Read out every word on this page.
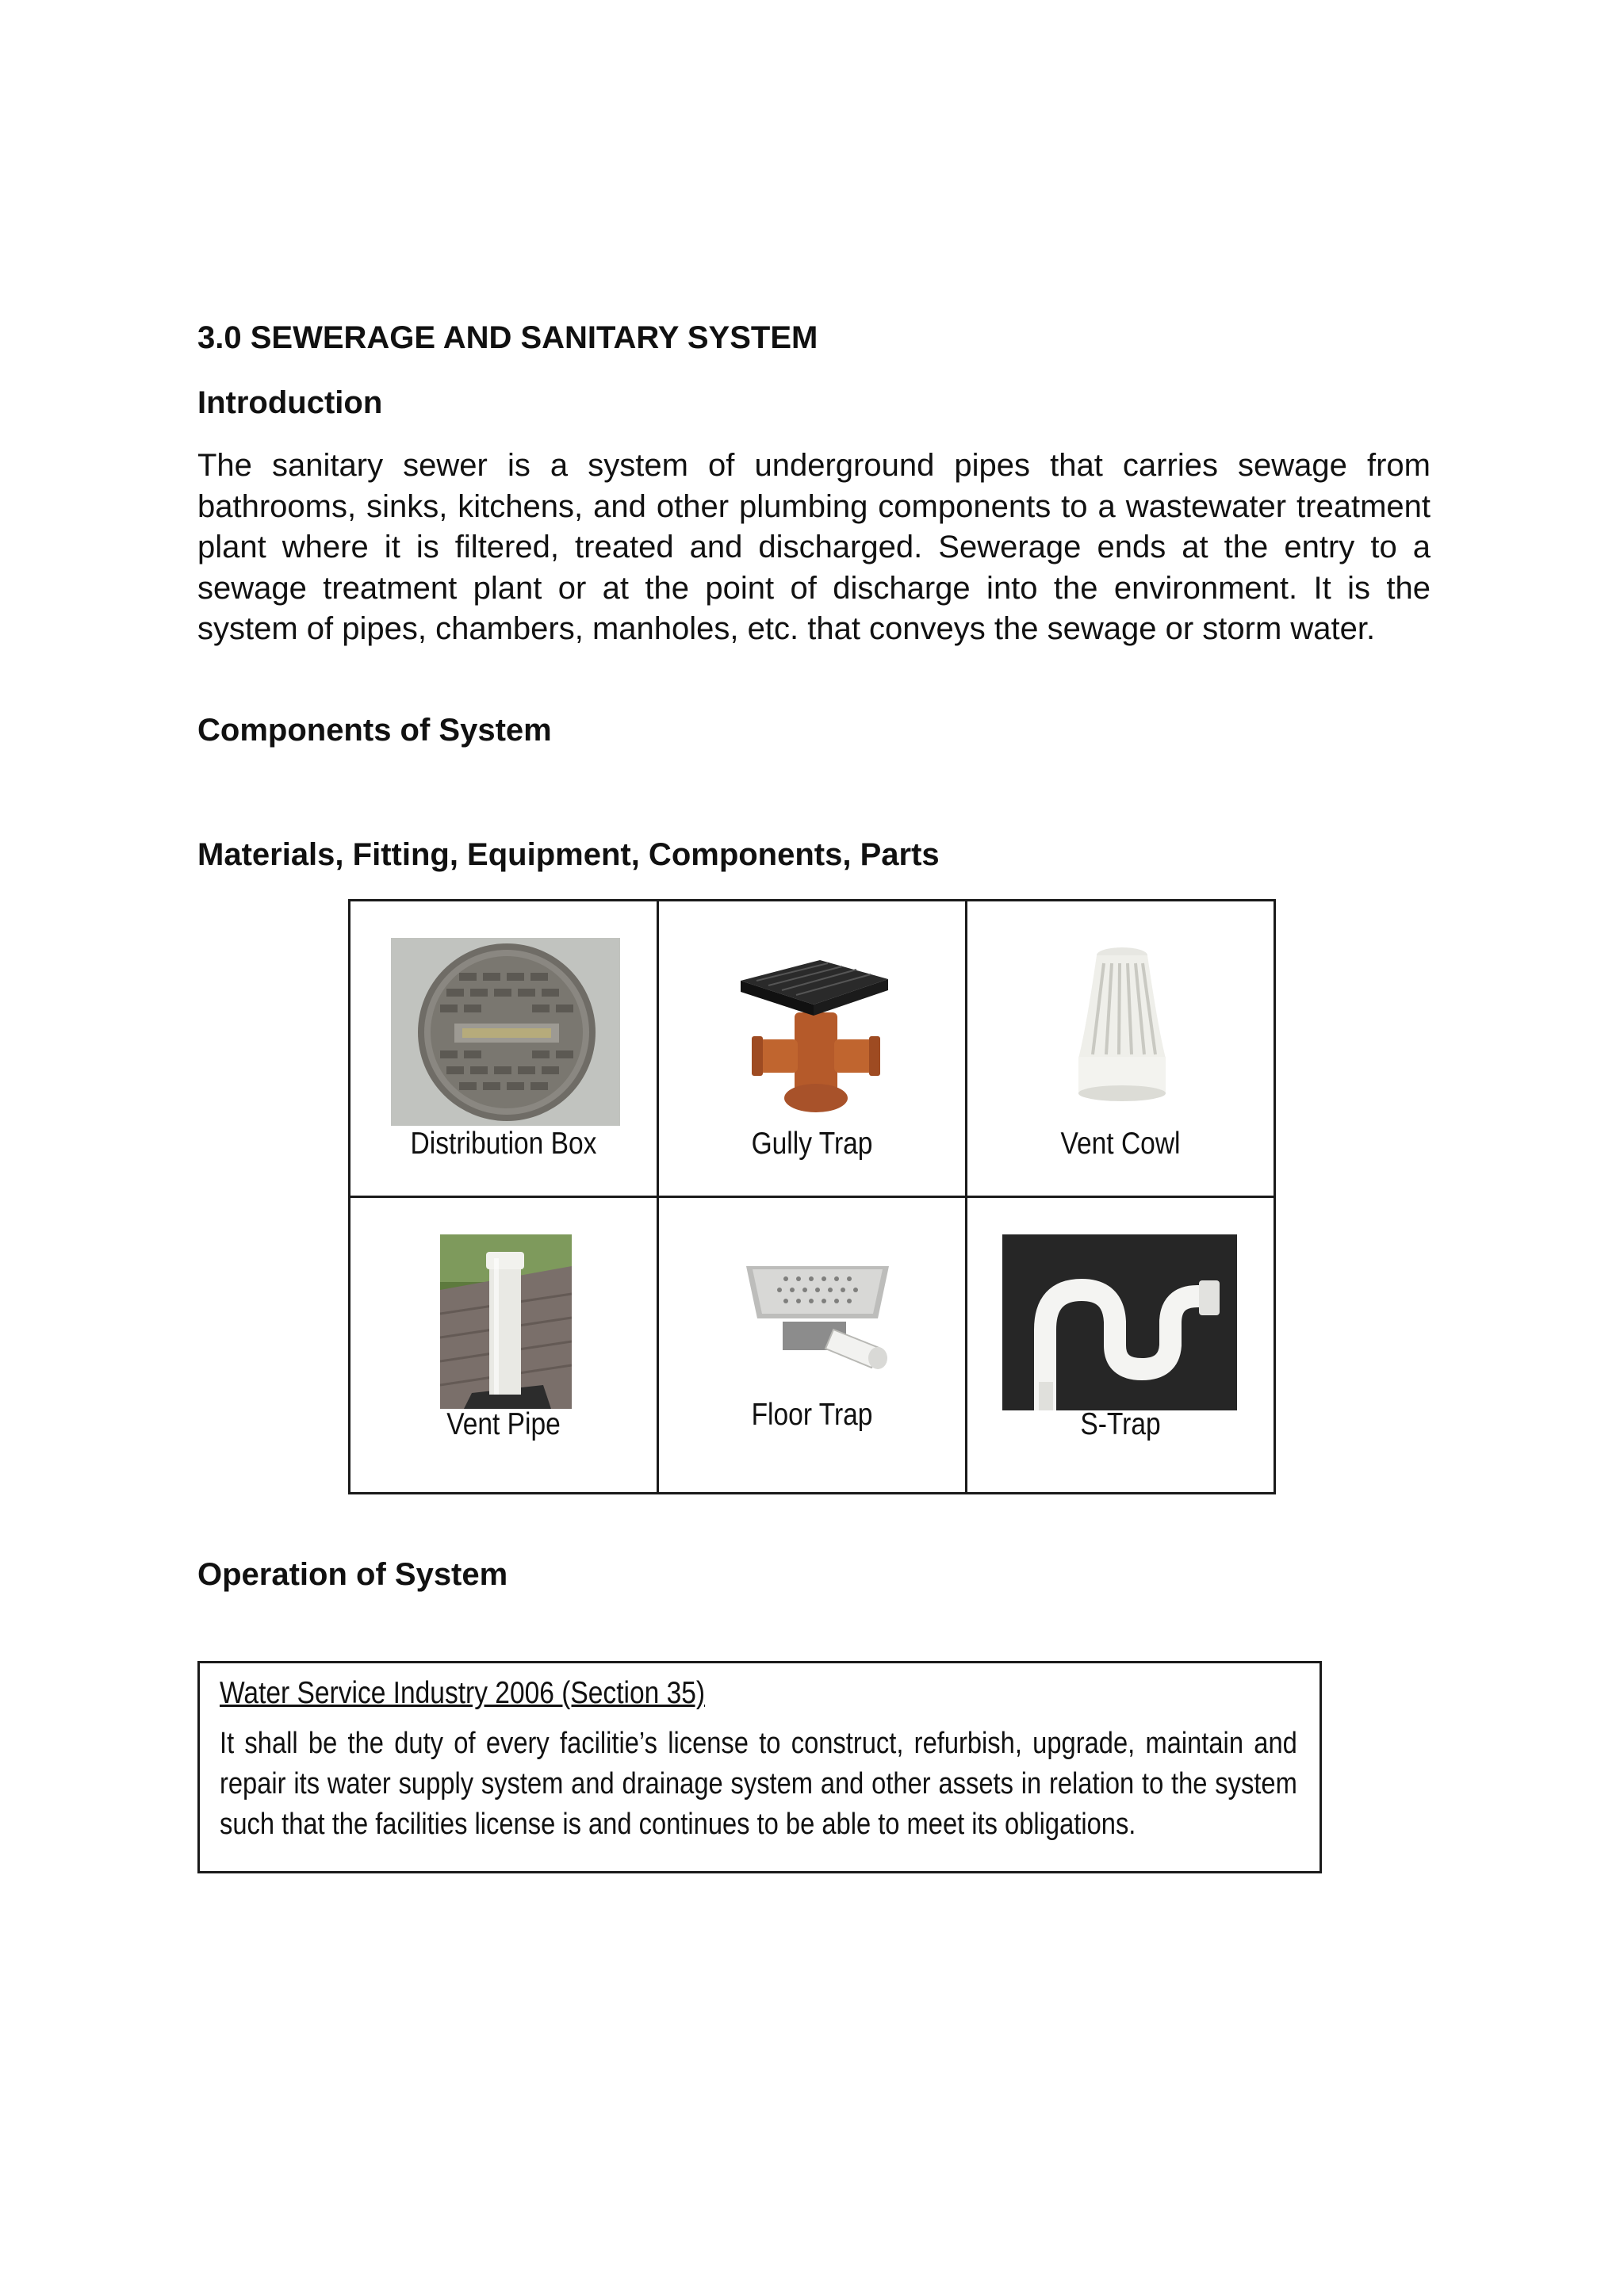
3.0 SEWERAGE AND SANITARY SYSTEM
Introduction

The sanitary sewer is a system of underground pipes that carries sewage from bathrooms, sinks, kitchens, and other plumbing components to a wastewater treatment plant where it is filtered, treated and discharged. Sewerage ends at the entry to a sewage treatment plant or at the point of discharge into the environment. It is the system of pipes, chambers, manholes, etc. that conveys the sewage or storm water.

Components of System
Materials, Fitting, Equipment, Components, Parts
Distribution Box	Gully Trap	Vent Cowl

Vent Pipe	Floor Trap	S-Trap
Operation of System

Water Service Industry 2006 (Section 35)

It shall be the duty of every facilitie’s license to construct, refurbish, upgrade, maintain and repair its water supply system and drainage system and other assets in relation to the system such that the facilities license is and continues to be able to meet its obligations.
